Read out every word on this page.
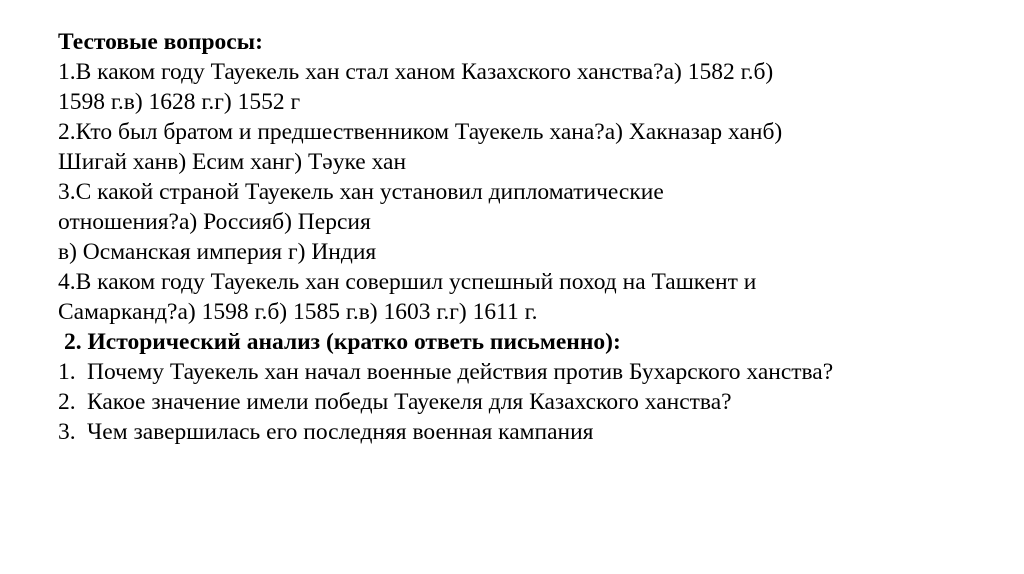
Тестовые вопросы:
1.В каком году Тауекель хан стал ханом Казахского ханства?а) 1582 г.б)
1598 г.в) 1628 г.г) 1552 г
2.Кто был братом и предшественником Тауекель хана?а) Хакназар ханб)
Шигай ханв) Есим ханг) Тәуке хан
3.С какой страной Тауекель хан установил дипломатические
отношения?а) Россияб) Персия
в) Османская империя г) Индия
4.В каком году Тауекель хан совершил успешный поход на Ташкент и
Самарканд?а) 1598 г.б) 1585 г.в) 1603 г.г) 1611 г.
2. Исторический анализ (кратко ответь письменно):
1. Почему Тауекель хан начал военные действия против Бухарского ханства?
2. Какое значение имели победы Тауекеля для Казахского ханства?
3. Чем завершилась его последняя военная кампания
